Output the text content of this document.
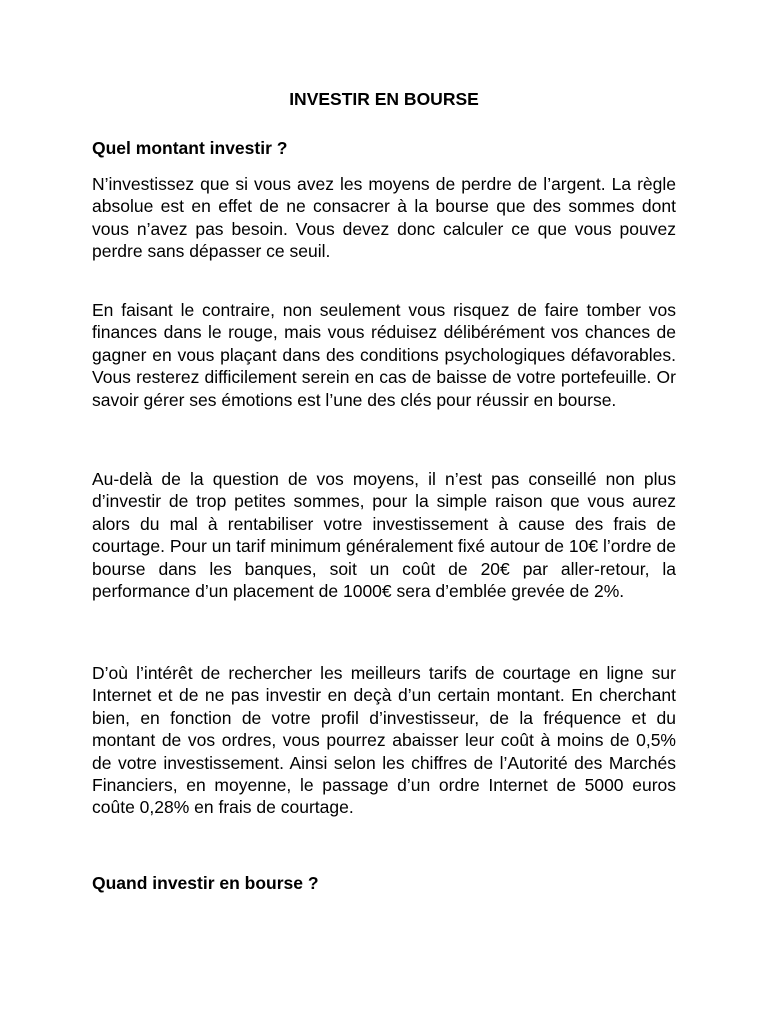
INVESTIR EN BOURSE
Quel montant investir ?

N’investissez que si vous avez les moyens de perdre de l’argent. La règle absolue est en effet de ne consacrer à la bourse que des sommes dont vous n’avez pas besoin. Vous devez donc calculer ce que vous pouvez perdre sans dépasser ce seuil.

En faisant le contraire, non seulement vous risquez de faire tomber vos finances dans le rouge, mais vous réduisez délibérément vos chances de gagner en vous plaçant dans des conditions psychologiques défavorables. Vous resterez difficilement serein en cas de baisse de votre portefeuille. Or savoir gérer ses émotions est l’une des clés pour réussir en bourse.

Au-delà de la question de vos moyens, il n’est pas conseillé non plus d’investir de trop petites sommes, pour la simple raison que vous aurez alors du mal à rentabiliser votre investissement à cause des frais de courtage. Pour un tarif minimum généralement fixé autour de 10€ l’ordre de bourse dans les banques, soit un coût de 20€ par aller-retour, la performance d’un placement de 1000€ sera d’emblée grevée de 2%.

D’où l’intérêt de rechercher les meilleurs tarifs de courtage en ligne sur Internet et de ne pas investir en deçà d’un certain montant. En cherchant bien, en fonction de votre profil d’investisseur, de la fréquence et du montant de vos ordres, vous pourrez abaisser leur coût à moins de 0,5% de votre investissement. Ainsi selon les chiffres de l’Autorité des Marchés Financiers, en moyenne, le passage d’un ordre Internet de 5000 euros coûte 0,28% en frais de courtage.

Quand investir en bourse ?
